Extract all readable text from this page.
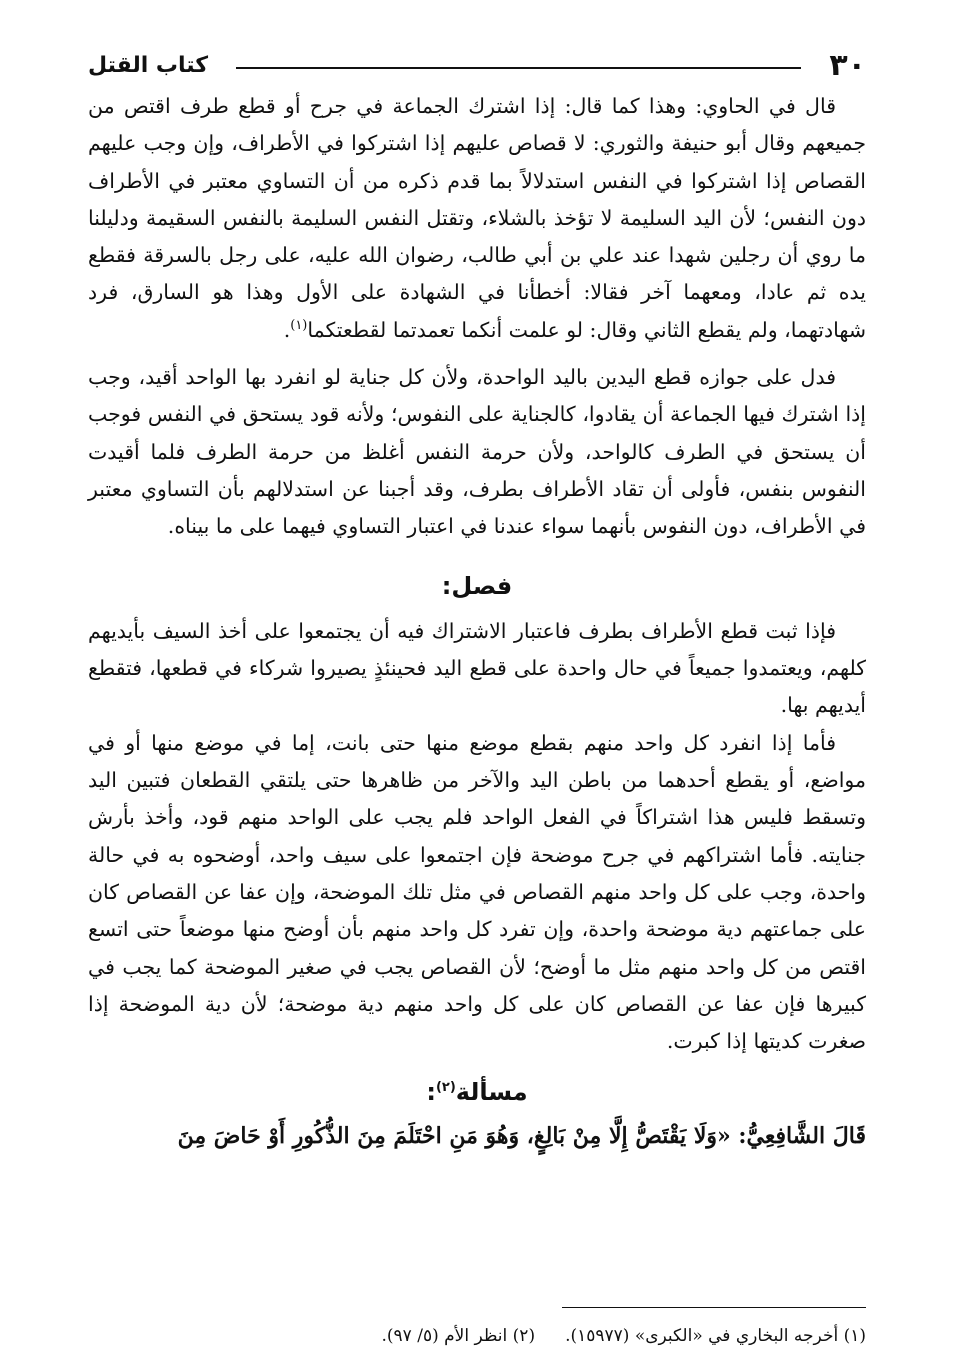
٣٠
كتاب القتل

قال في الحاوي: وهذا كما قال: إذا اشترك الجماعة في جرح أو قطع طرف اقتص من جميعهم وقال أبو حنيفة والثوري: لا قصاص عليهم إذا اشتركوا في الأطراف، وإن وجب عليهم القصاص إذا اشتركوا في النفس استدلالاً بما قدم ذكره من أن التساوي معتبر في الأطراف دون النفس؛ لأن اليد السليمة لا تؤخذ بالشلاء، وتقتل النفس السليمة بالنفس السقيمة ودليلنا ما روي أن رجلين شهدا عند علي بن أبي طالب، رضوان الله عليه، على رجل بالسرقة فقطع يده ثم عادا، ومعهما آخر فقالا: أخطأنا في الشهادة على الأول وهذا هو السارق، فرد شهادتهما، ولم يقطع الثاني وقال: لو علمت أنكما تعمدتما لقطعتكما$^{(١)}$.

فدل على جوازه قطع اليدين باليد الواحدة، ولأن كل جناية لو انفرد بها الواحد أقيد، وجب إذا اشترك فيها الجماعة أن يقادوا، كالجناية على النفوس؛ ولأنه قود يستحق في النفس فوجب أن يستحق في الطرف كالواحد، ولأن حرمة النفس أغلظ من حرمة الطرف فلما أقيدت النفوس بنفس، فأولى أن تقاد الأطراف بطرف، وقد أجبنا عن استدلالهم بأن التساوي معتبر في الأطراف، دون النفوس بأنهما سواء عندنا في اعتبار التساوي فيهما على ما بيناه.

فصل:

فإذا ثبت قطع الأطراف بطرف فاعتبار الاشتراك فيه أن يجتمعوا على أخذ السيف بأيديهم كلهم، ويعتمدوا جميعاً في حال واحدة على قطع اليد فحينئذٍ يصيروا شركاء في قطعها، فتقطع أيديهم بها.

فأما إذا انفرد كل واحد منهم بقطع موضع منها حتى بانت، إما في موضع منها أو في مواضع، أو يقطع أحدهما من باطن اليد والآخر من ظاهرها حتى يلتقي القطعان فتبين اليد وتسقط فليس هذا اشتراكاً في الفعل الواحد فلم يجب على الواحد منهم قود، وأخذ بأرش جنايته. فأما اشتراكهم في جرح موضحة فإن اجتمعوا على سيف واحد، أوضحوه به في حالة واحدة، وجب على كل واحد منهم القصاص في مثل تلك الموضحة، وإن عفا عن القصاص كان على جماعتهم دية موضحة واحدة، وإن تفرد كل واحد منهم بأن أوضح منها موضعاً حتى اتسع اقتص من كل واحد منهم مثل ما أوضح؛ لأن القصاص يجب في صغير الموضحة كما يجب في كبيرها فإن عفا عن القصاص كان على كل واحد منهم دية موضحة؛ لأن دية الموضحة إذا صغرت كديتها إذا كبرت.

مسألة$^{(٢)}$:

قَالَ الشَّافِعِيُّ: «وَلَا يَقْتَصُّ إِلَّا مِنْ بَالِغٍ، وَهُوَ مَنِ احْتَلَمَ مِنَ الذُّكُورِ أَوْ حَاضَ مِنَ

(١) أخرجه البخاري في «الكبرى» (١٥٩٧٧).
(٢) انظر الأم (٥/ ٩٧).
